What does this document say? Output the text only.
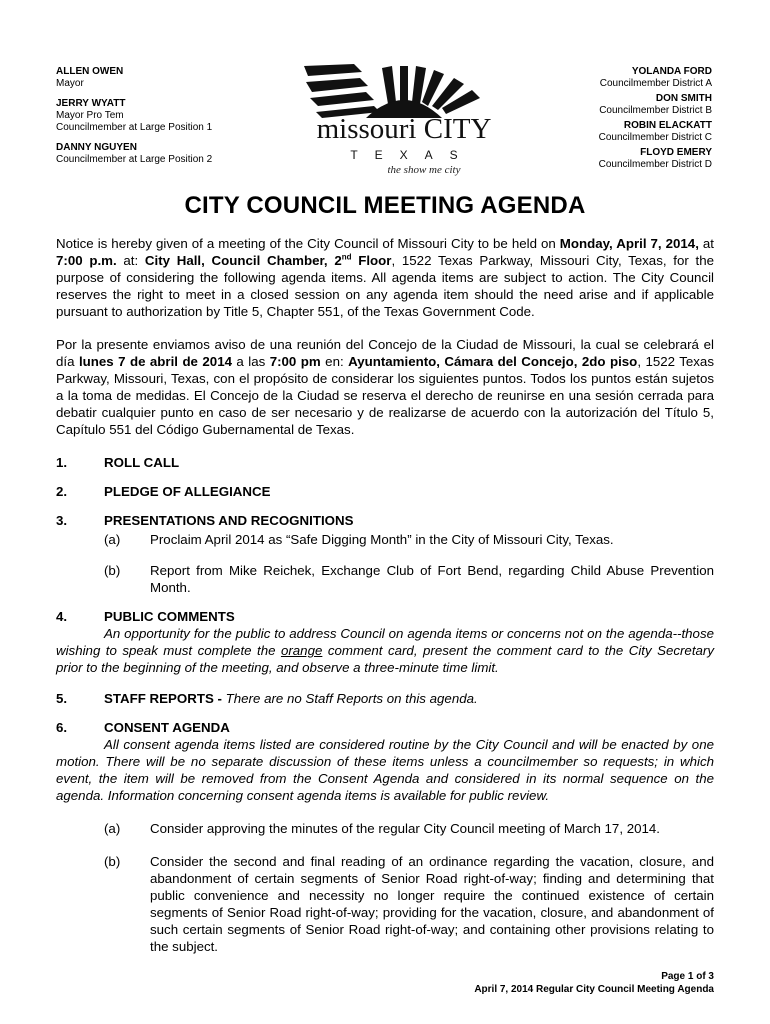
ALLEN OWEN
Mayor
JERRY WYATT
Mayor Pro Tem
Councilmember at Large Position 1
DANNY NGUYEN
Councilmember at Large Position 2
missouri CITY
TEXAS
the show me city
YOLANDA FORD
Councilmember District A
DON SMITH
Councilmember District B
ROBIN ELACKATT
Councilmember District C
FLOYD EMERY
Councilmember District D
CITY COUNCIL MEETING AGENDA

Notice is hereby given of a meeting of the City Council of Missouri City to be held on Monday, April 7, 2014, at 7:00 p.m. at: City Hall, Council Chamber, 2nd Floor, 1522 Texas Parkway, Missouri City, Texas, for the purpose of considering the following agenda items. All agenda items are subject to action. The City Council reserves the right to meet in a closed session on any agenda item should the need arise and if applicable pursuant to authorization by Title 5, Chapter 551, of the Texas Government Code.

Por la presente enviamos aviso de una reunión del Concejo de la Ciudad de Missouri, la cual se celebrará el día lunes 7 de abril de 2014 a las 7:00 pm en: Ayuntamiento, Cámara del Concejo, 2do piso, 1522 Texas Parkway, Missouri, Texas, con el propósito de considerar los siguientes puntos. Todos los puntos están sujetos a la toma de medidas. El Concejo de la Ciudad se reserva el derecho de reunirse en una sesión cerrada para debatir cualquier punto en caso de ser necesario y de realizarse de acuerdo con la autorización del Título 5, Capítulo 551 del Código Gubernamental de Texas.

1.	ROLL CALL
2.	PLEDGE OF ALLEGIANCE
3.	PRESENTATIONS AND RECOGNITIONS
(a) Proclaim April 2014 as “Safe Digging Month” in the City of Missouri City, Texas.
(b) Report from Mike Reichek, Exchange Club of Fort Bend, regarding Child Abuse Prevention Month.
4.	PUBLIC COMMENTS

An opportunity for the public to address Council on agenda items or concerns not on the agenda--those wishing to speak must complete the orange comment card, present the comment card to the City Secretary prior to the beginning of the meeting, and observe a three-minute time limit.

5.	STAFF REPORTS - There are no Staff Reports on this agenda.
6.	CONSENT AGENDA

All consent agenda items listed are considered routine by the City Council and will be enacted by one motion. There will be no separate discussion of these items unless a councilmember so requests; in which event, the item will be removed from the Consent Agenda and considered in its normal sequence on the agenda. Information concerning consent agenda items is available for public review.

(a) Consider approving the minutes of the regular City Council meeting of March 17, 2014.
(b) Consider the second and final reading of an ordinance regarding the vacation, closure, and abandonment of certain segments of Senior Road right-of-way; finding and determining that public convenience and necessity no longer require the continued existence of certain segments of Senior Road right-of-way; providing for the vacation, closure, and abandonment of such certain segments of Senior Road right-of-way; and containing other provisions relating to the subject.
Page 1 of 3
April 7, 2014 Regular City Council Meeting Agenda
